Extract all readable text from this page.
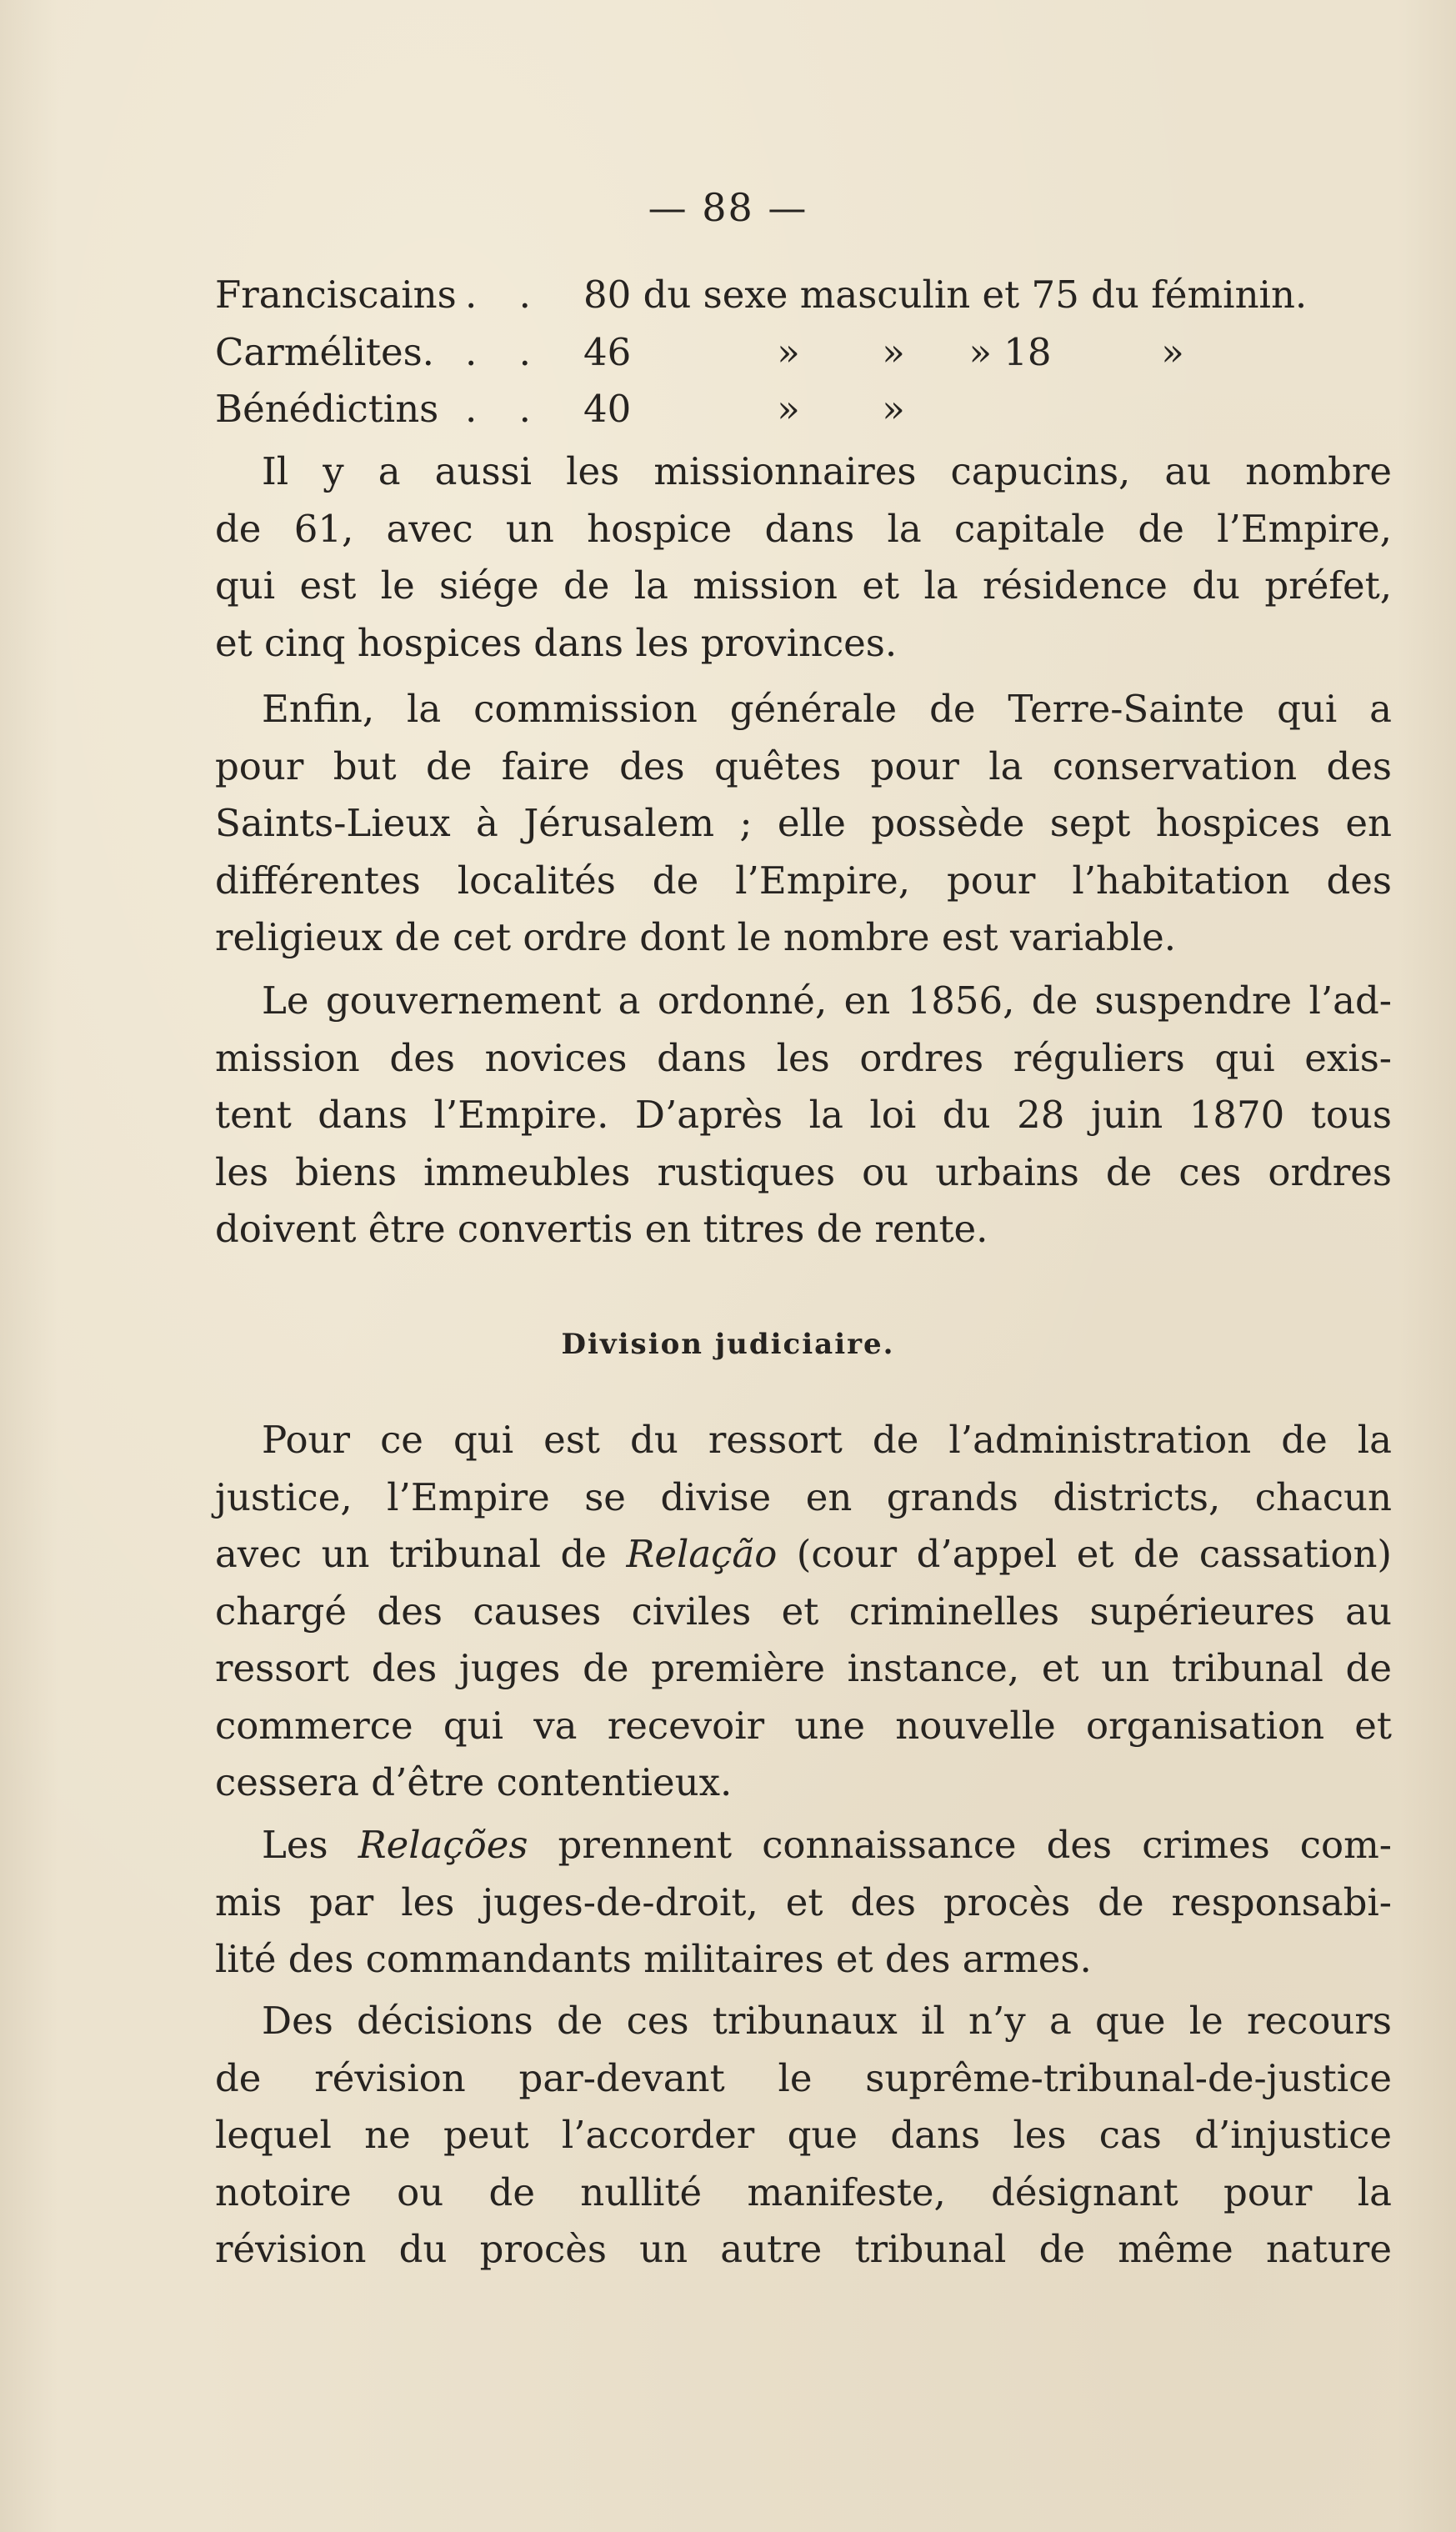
— 88 —
Franciscains . .	80 du sexe masculin et 75 du féminin.
Carmélites. . .	46	» » » 18	»
Bénédictins . .	40	» »
Il y a aussi les missionnaires capucins, au nombre
de 61, avec un hospice dans la capitale de l’Empire,
qui est le siége de la mission et la résidence du préfet,
et cinq hospices dans les provinces.
Enfin, la commission générale de Terre-Sainte qui a
pour but de faire des quêtes pour la conservation des
Saints-Lieux à Jérusalem ; elle possède sept hospices en
différentes localités de l’Empire, pour l’habitation des
religieux de cet ordre dont le nombre est variable.
Le gouvernement a ordonné, en 1856, de suspendre l’ad-
mission des novices dans les ordres réguliers qui exis-
tent dans l’Empire. D’après la loi du 28 juin 1870 tous
les biens immeubles rustiques ou urbains de ces ordres
doivent être convertis en titres de rente.
Division judiciaire.
Pour ce qui est du ressort de l’administration de la
justice, l’Empire se divise en grands districts, chacun
avec un tribunal de Relação (cour d’appel et de cassation)
chargé des causes civiles et criminelles supérieures au
ressort des juges de première instance, et un tribunal de
commerce qui va recevoir une nouvelle organisation et
cessera d’être contentieux.
Les Relações prennent connaissance des crimes com-
mis par les juges-de-droit, et des procès de responsabi-
lité des commandants militaires et des armes.
Des décisions de ces tribunaux il n’y a que le recours
de révision par-devant le suprême-tribunal-de-justice
lequel ne peut l’accorder que dans les cas d’injustice
notoire ou de nullité manifeste, désignant pour la
révision du procès un autre tribunal de même nature
